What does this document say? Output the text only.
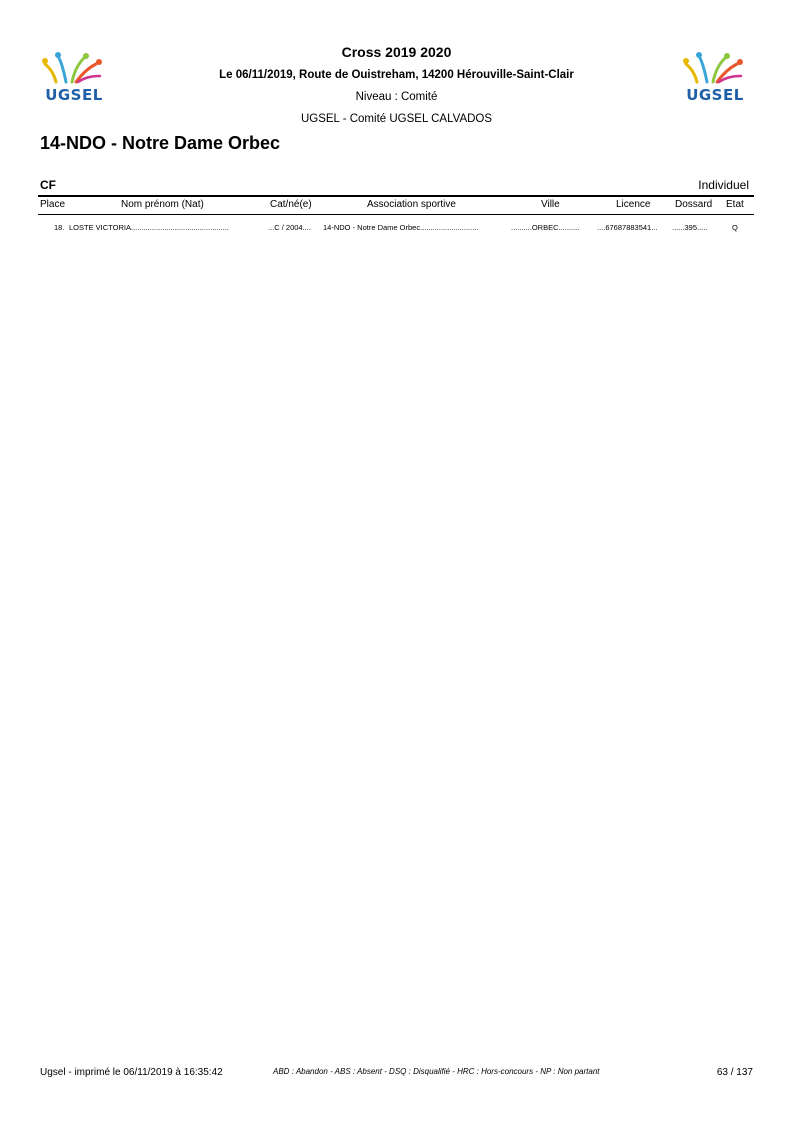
UGSEL	UGSEL
Cross 2019 2020
Le 06/11/2019, Route de Ouistreham, 14200 Hérouville-Saint-Clair
Niveau : Comité
UGSEL - Comité UGSEL CALVADOS
14-NDO - Notre Dame Orbec
CF	Individuel
Place	Nom prénom (Nat)	Cat/né(e)	Association sportive	Ville	Licence Dossard Etat
18. LOSTE VICTORIA...............................................	...C / 2004.... 14-NDO - Notre Dame Orbec............................	..........ORBEC.......... ....67687883541... ......395.....	Q
Ugsel - imprimé le 06/11/2019 à 16:35:42	ABD : Abandon - ABS : Absent - DSQ : Disqualifié - HRC : Hors-concours - NP : Non partant	63 / 137
